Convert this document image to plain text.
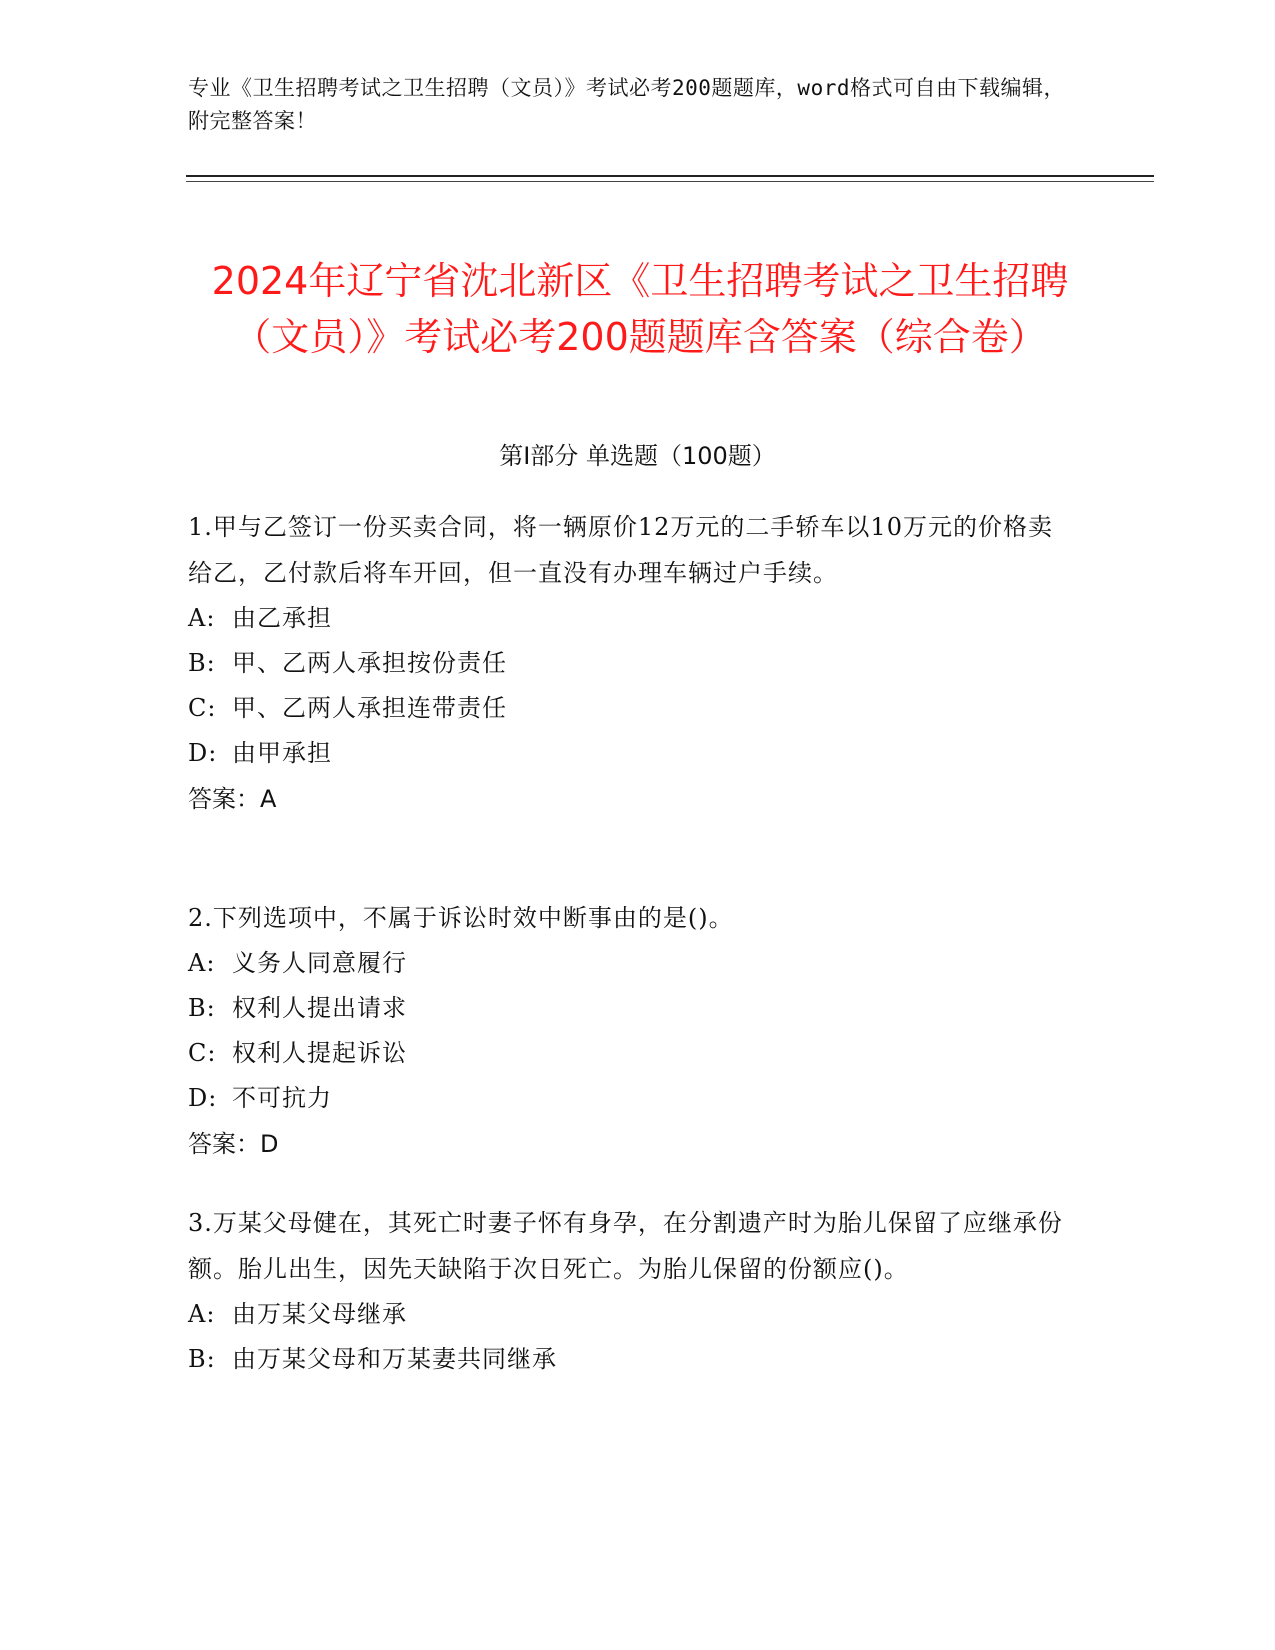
专业《卫生招聘考试之卫生招聘（文员）》考试必考200题题库，word格式可自由下载编辑，附完整答案！
2024年辽宁省沈北新区《卫生招聘考试之卫生招聘（文员）》考试必考200题题库含答案（综合卷）
第Ⅰ部分 单选题（100题）
1.甲与乙签订一份买卖合同，将一辆原价12万元的二手轿车以10万元的价格卖给乙，乙付款后将车开回，但一直没有办理车辆过户手续。
A: 由乙承担
B: 甲、乙两人承担按份责任
C: 甲、乙两人承担连带责任
D: 由甲承担
答案：A
2.下列选项中，不属于诉讼时效中断事由的是()。
A: 义务人同意履行
B: 权利人提出请求
C: 权利人提起诉讼
D: 不可抗力
答案：D
3.万某父母健在，其死亡时妻子怀有身孕，在分割遗产时为胎儿保留了应继承份额。胎儿出生，因先天缺陷于次日死亡。为胎儿保留的份额应()。
A: 由万某父母继承
B: 由万某父母和万某妻共同继承
